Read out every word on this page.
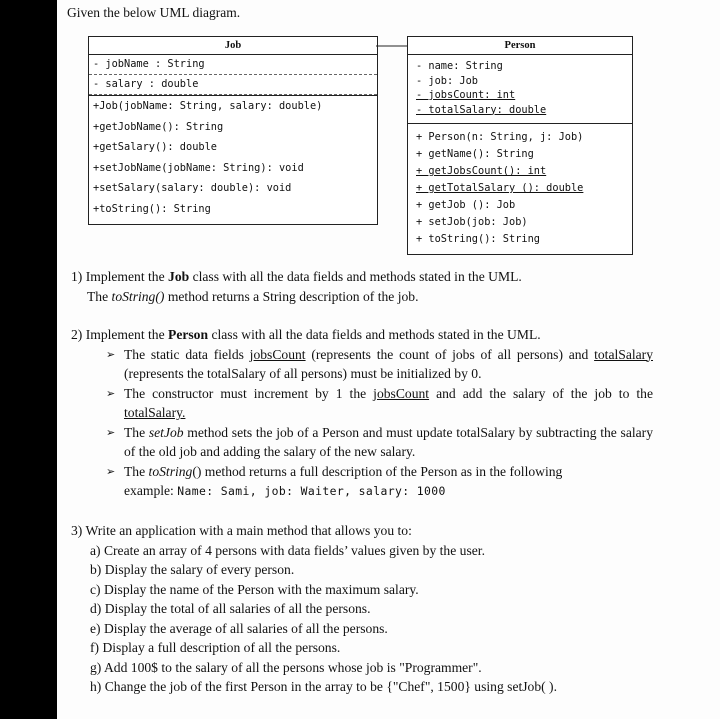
Given the below UML diagram.
Job
- jobName : String
- salary : double
+Job(jobName: String, salary: double)
+getJobName(): String
+getSalary(): double
+setJobName(jobName: String): void
+setSalary(salary: double): void
+toString(): String
Person
- name: String
- job: Job
- jobsCount: int
- totalSalary: double
+ Person(n: String, j: Job)
+ getName(): String
+ getJobsCount(): int
+ getTotalSalary (): double
+ getJob (): Job
+ setJob(job: Job)
+ toString(): String

1) Implement the Job class with all the data fields and methods stated in the UML.

The toString() method returns a String description of the job.

2) Implement the Person class with all the data fields and methods stated in the UML.

➢ The static data fields jobsCount (represents the count of jobs of all persons) and totalSalary (represents the totalSalary of all persons) must be initialized by 0.

➢ The constructor must increment by 1 the jobsCount and add the salary of the job to the totalSalary.

➢ The setJob method sets the job of a Person and must update totalSalary by subtracting the salary of the old job and adding the salary of the new salary.

➢ The toString() method returns a full description of the Person as in the following
example: Name: Sami, job: Waiter, salary: 1000

3) Write an application with a main method that allows you to:

a) Create an array of 4 persons with data fields’ values given by the user.

b) Display the salary of every person.

c) Display the name of the Person with the maximum salary.

d) Display the total of all salaries of all the persons.

e) Display the average of all salaries of all the persons.

f) Display a full description of all the persons.

g) Add 100$ to the salary of all the persons whose job is "Programmer".

h) Change the job of the first Person in the array to be {"Chef", 1500} using setJob( ).
